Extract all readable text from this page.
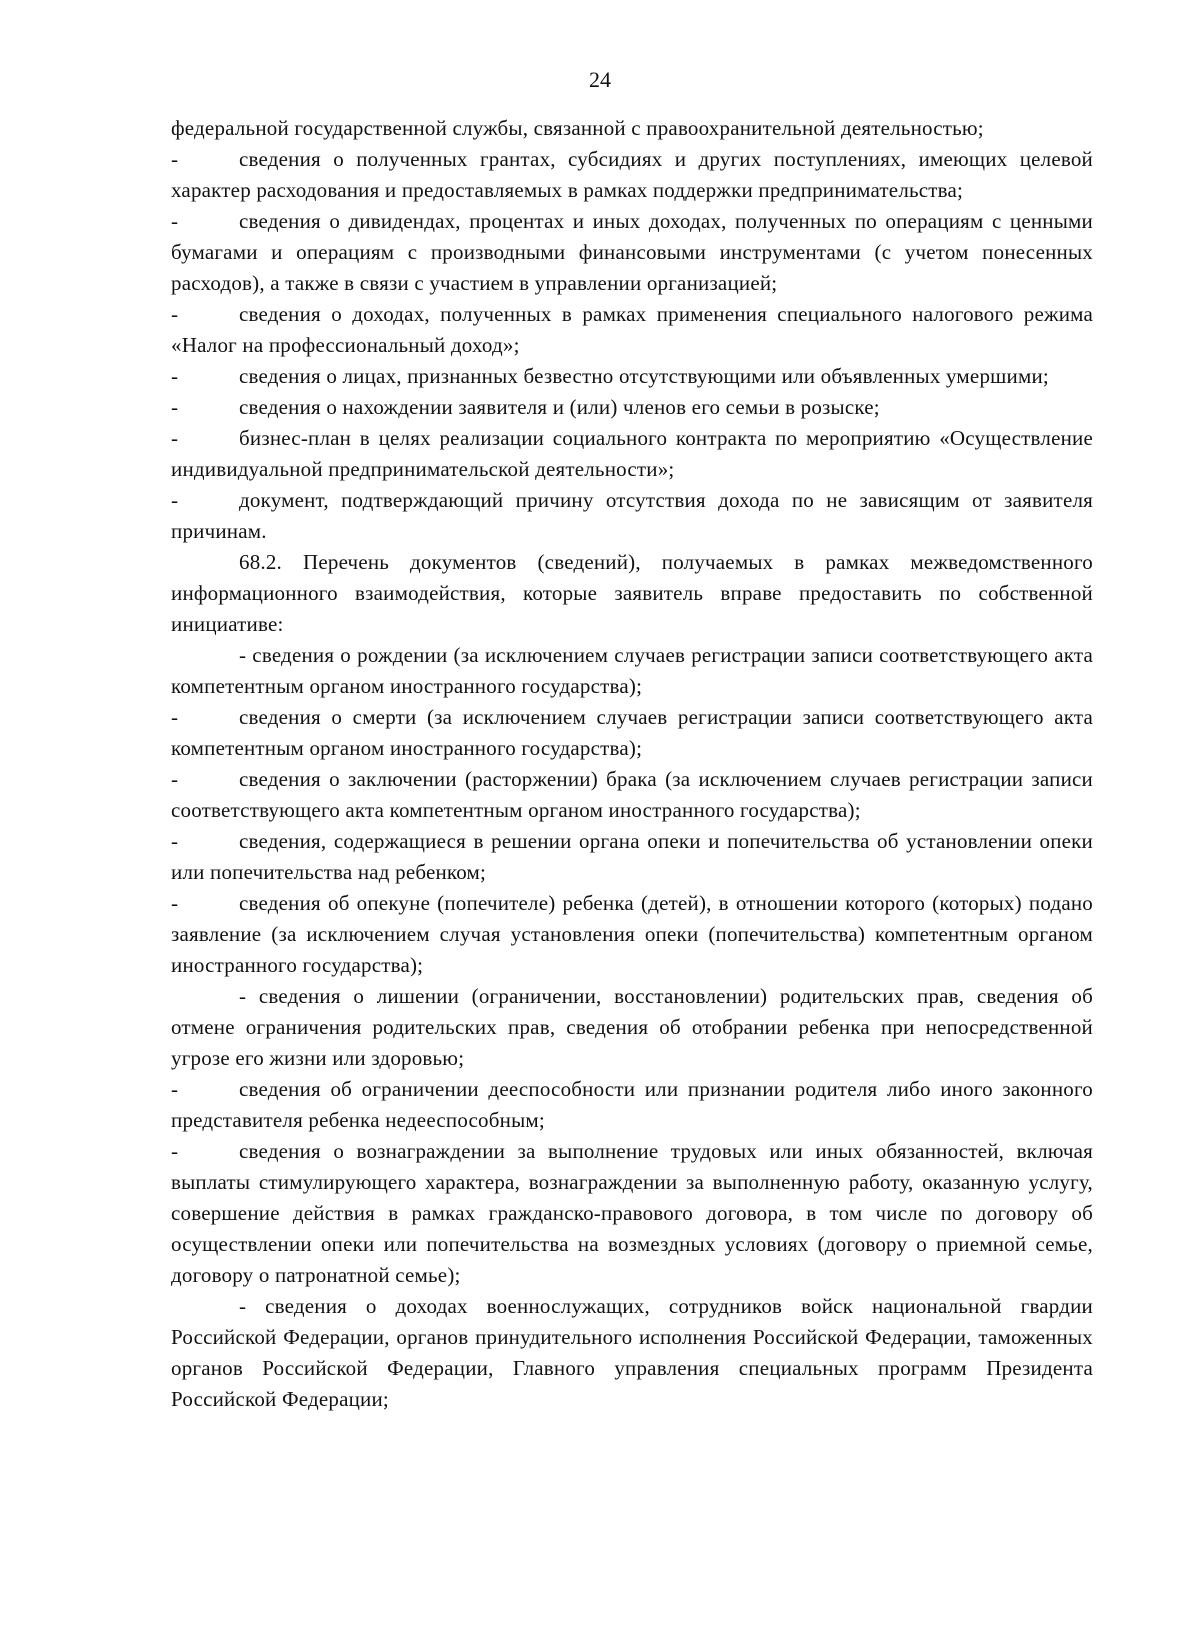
24

федеральной государственной службы, связанной с правоохранительной деятельностью;

-	сведения о полученных грантах, субсидиях и других поступлениях, имеющих целевой характер расходования и предоставляемых в рамках поддержки предпринимательства;

-	сведения о дивидендах, процентах и иных доходах, полученных по операциям с ценными бумагами и операциям с производными финансовыми инструментами (с учетом понесенных расходов), а также в связи с участием в управлении организацией;

-	сведения о доходах, полученных в рамках применения специального налогового режима «Налог на профессиональный доход»;

-	сведения о лицах, признанных безвестно отсутствующими или объявленных умершими;

-	сведения о нахождении заявителя и (или) членов его семьи в розыске;

-	бизнес-план в целях реализации социального контракта по мероприятию «Осуществление индивидуальной предпринимательской деятельности»;

-	документ, подтверждающий причину отсутствия дохода по не зависящим от заявителя причинам.

68.2. Перечень документов (сведений), получаемых в рамках межведомственного информационного взаимодействия, которые заявитель вправе предоставить по собственной инициативе:

- сведения о рождении (за исключением случаев регистрации записи соответствующего акта компетентным органом иностранного государства);

-	сведения о смерти (за исключением случаев регистрации записи соответствующего акта компетентным органом иностранного государства);

-	сведения о заключении (расторжении) брака (за исключением случаев регистрации записи соответствующего акта компетентным органом иностранного государства);

-	сведения, содержащиеся в решении органа опеки и попечительства об установлении опеки или попечительства над ребенком;

-	сведения об опекуне (попечителе) ребенка (детей), в отношении которого (которых) подано заявление (за исключением случая установления опеки (попечительства) компетентным органом иностранного государства);

- сведения о лишении (ограничении, восстановлении) родительских прав, сведения об отмене ограничения родительских прав, сведения об отобрании ребенка при непосредственной угрозе его жизни или здоровью;

-	сведения об ограничении дееспособности или признании родителя либо иного законного представителя ребенка недееспособным;

-	сведения о вознаграждении за выполнение трудовых или иных обязанностей, включая выплаты стимулирующего характера, вознаграждении за выполненную работу, оказанную услугу, совершение действия в рамках гражданско-правового договора, в том числе по договору об осуществлении опеки или попечительства на возмездных условиях (договору о приемной семье, договору о патронатной семье);

- сведения о доходах военнослужащих, сотрудников войск национальной гвардии Российской Федерации, органов принудительного исполнения Российской Федерации, таможенных органов Российской Федерации, Главного управления специальных программ Президента Российской Федерации;
